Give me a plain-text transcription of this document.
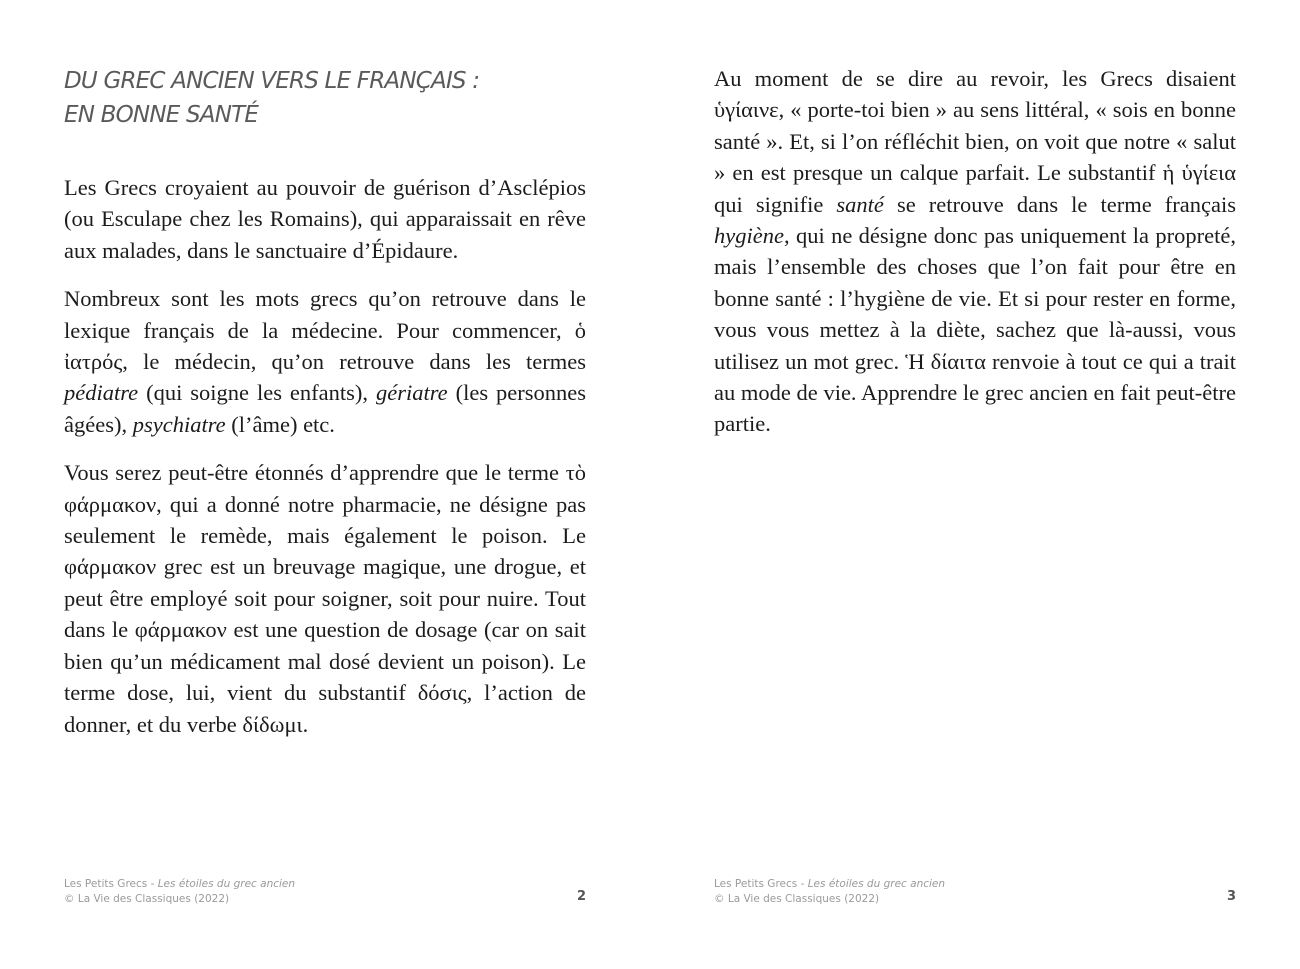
DU GREC ANCIEN VERS LE FRANÇAIS :
EN BONNE SANTÉ

Les Grecs croyaient au pouvoir de guérison d’Asclépios (ou Esculape chez les Romains), qui apparaissait en rêve aux malades, dans le sanctuaire d’Épidaure.

Nombreux sont les mots grecs qu’on retrouve dans le lexique français de la médecine. Pour commencer, ὁ ἰατρός, le médecin, qu’on retrouve dans les termes pédiatre (qui soigne les enfants), gériatre (les personnes âgées), psychiatre (l’âme) etc.

Vous serez peut-être étonnés d’apprendre que le terme τὸ φάρμακον, qui a donné notre pharmacie, ne désigne pas seulement le remède, mais également le poison. Le φάρμακον grec est un breuvage magique, une drogue, et peut être employé soit pour soigner, soit pour nuire. Tout dans le φάρμακον est une question de dosage (car on sait bien qu’un médicament mal dosé devient un poison). Le terme dose, lui, vient du substantif δόσις, l’action de donner, et du verbe δίδωμι.

Les Petits Grecs - Les étoiles du grec ancien
© La Vie des Classiques (2022)	2

Au moment de se dire au revoir, les Grecs disaient ὑγίαινε, « porte-toi bien » au sens littéral, « sois en bonne santé ». Et, si l’on réfléchit bien, on voit que notre « salut » en est presque un calque parfait. Le substantif ἡ ὑγίεια qui signifie santé se retrouve dans le terme français hygiène, qui ne désigne donc pas uniquement la propreté, mais l’ensemble des choses que l’on fait pour être en bonne santé : l’hygiène de vie. Et si pour rester en forme, vous vous mettez à la diète, sachez que là-aussi, vous utilisez un mot grec. Ἡ δίαιτα renvoie à tout ce qui a trait au mode de vie. Apprendre le grec ancien en fait peut-être partie.

Les Petits Grecs - Les étoiles du grec ancien
© La Vie des Classiques (2022)	3
